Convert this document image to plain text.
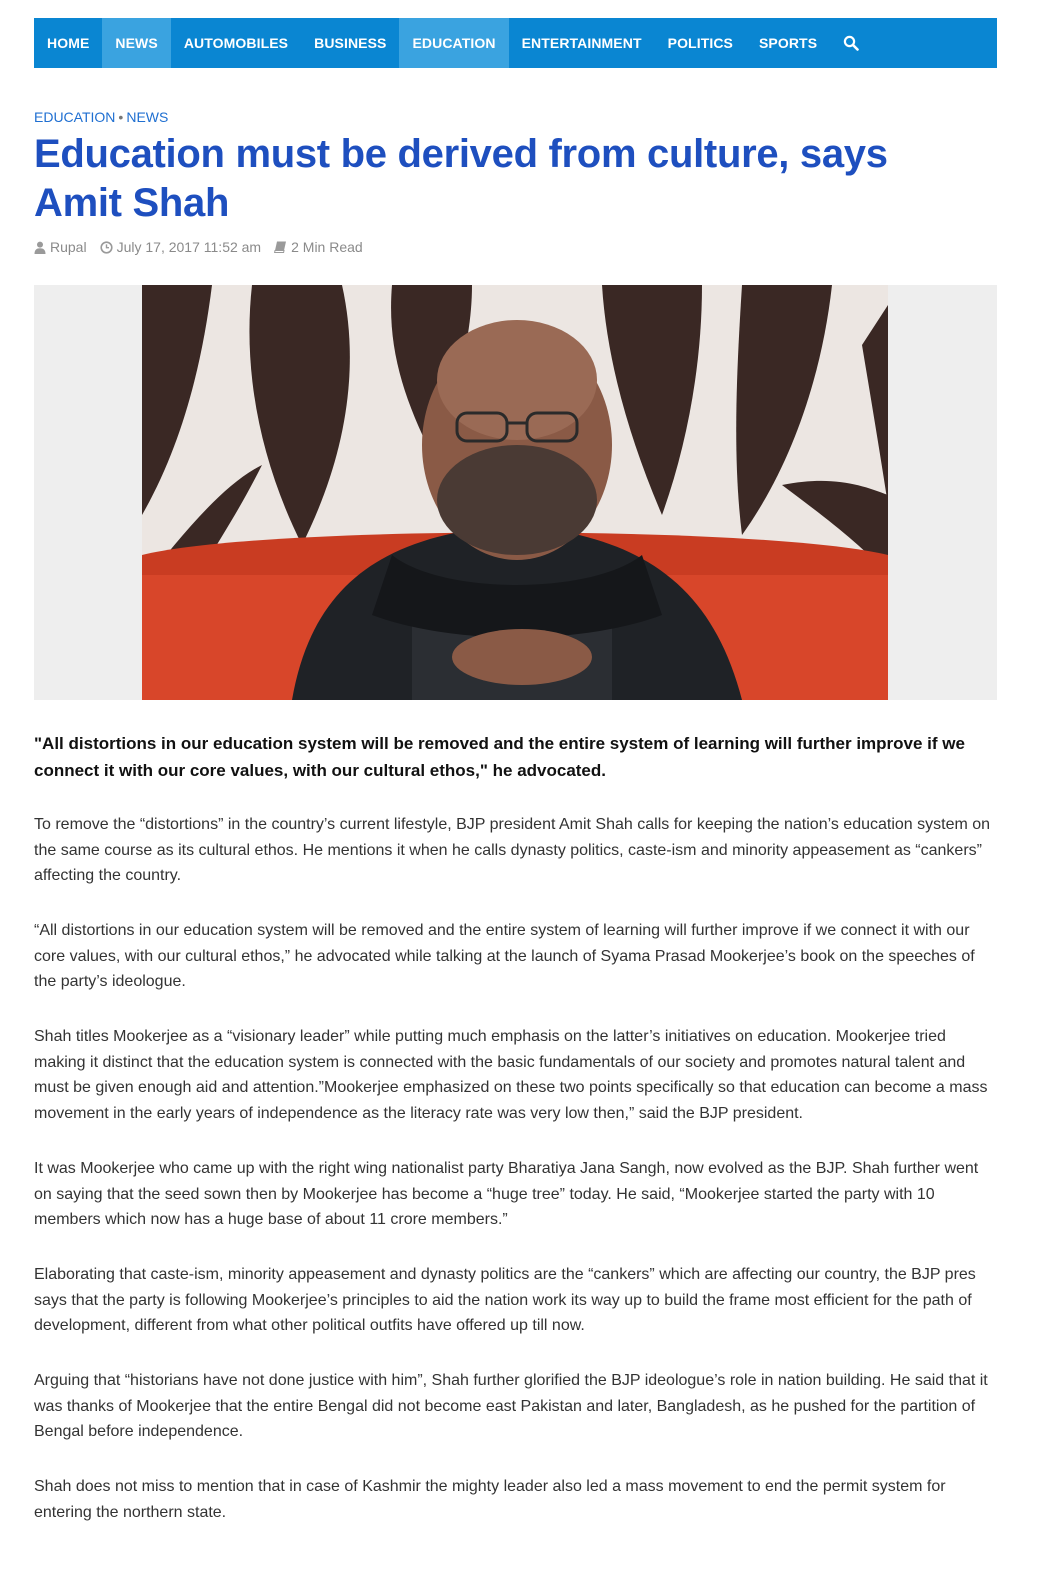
HOME	NEWS	AUTOMOBILES	BUSINESS	EDUCATION	ENTERTAINMENT	POLITICS	SPORTS
EDUCATION • NEWS
Education must be derived from culture, says Amit Shah
Rupal July 17, 2017 11:52 am 2 Min Read

"All distortions in our education system will be removed and the entire system of learning will further improve if we connect it with our core values, with our cultural ethos," he advocated.

To remove the “distortions” in the country’s current lifestyle, BJP president Amit Shah calls for keeping the nation’s education system on the same course as its cultural ethos. He mentions it when he calls dynasty politics, caste-ism and minority appeasement as “cankers” affecting the country.

“All distortions in our education system will be removed and the entire system of learning will further improve if we connect it with our core values, with our cultural ethos,” he advocated while talking at the launch of Syama Prasad Mookerjee’s book on the speeches of the party’s ideologue.

Shah titles Mookerjee as a “visionary leader” while putting much emphasis on the latter’s initiatives on education. Mookerjee tried making it distinct that the education system is connected with the basic fundamentals of our society and promotes natural talent and must be given enough aid and attention.”Mookerjee emphasized on these two points specifically so that education can become a mass movement in the early years of independence as the literacy rate was very low then,” said the BJP president.

It was Mookerjee who came up with the right wing nationalist party Bharatiya Jana Sangh, now evolved as the BJP. Shah further went on saying that the seed sown then by Mookerjee has become a “huge tree” today. He said, “Mookerjee started the party with 10 members which now has a huge base of about 11 crore members.”

Elaborating that caste-ism, minority appeasement and dynasty politics are the “cankers” which are affecting our country, the BJP pres says that the party is following Mookerjee’s principles to aid the nation work its way up to build the frame most efficient for the path of development, different from what other political outfits have offered up till now.

Arguing that “historians have not done justice with him”, Shah further glorified the BJP ideologue’s role in nation building. He said that it was thanks of Mookerjee that the entire Bengal did not become east Pakistan and later, Bangladesh, as he pushed for the partition of Bengal before independence.

Shah does not miss to mention that in case of Kashmir the mighty leader also led a mass movement to end the permit system for entering the northern state.
